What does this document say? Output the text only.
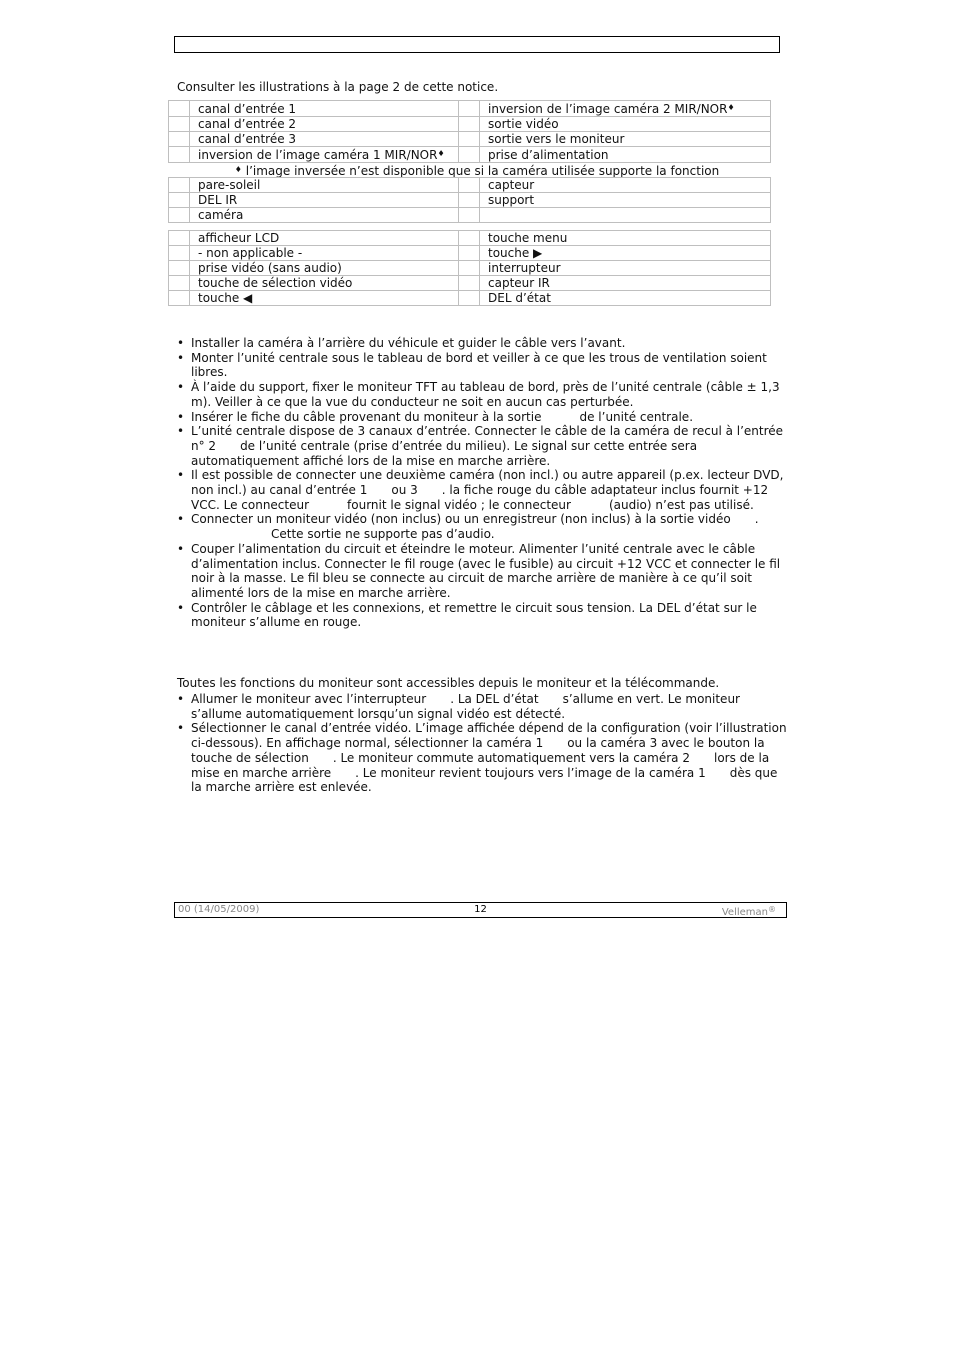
Consulter les illustrations à la page 2 de cette notice.
	canal d’entrée 1		inversion de l’image caméra 2 MIR/NOR♦
	canal d’entrée 2		sortie vidéo
	canal d’entrée 3		sortie vers le moniteur
	inversion de l’image caméra 1 MIR/NOR♦		prise d’alimentation
♦ l’image inversée n’est disponible que si la caméra utilisée supporte la fonction
	pare-soleil		capteur
	DEL IR		support
	caméra		
	afficheur LCD		touche menu
	- non applicable -		touche ▶
	prise vidéo (sans audio)		interrupteur
	touche de sélection vidéo		capteur IR
	touche ◀		DEL d’état
• Installer la caméra à l’arrière du véhicule et guider le câble vers l’avant.
• Monter l’unité centrale sous le tableau de bord et veiller à ce que les trous de ventilation soient libres.
• À l’aide du support, fixer le moniteur TFT au tableau de bord, près de l’unité centrale (câble ± 1,3 m). Veiller à ce que la vue du conducteur ne soit en aucun cas perturbée.
• Insérer le fiche du câble provenant du moniteur à la sortie	de l’unité centrale.
• L’unité centrale dispose de 3 canaux d’entrée. Connecter le câble de la caméra de recul à l’entrée n° 2 de l’unité centrale (prise d’entrée du milieu). Le signal sur cette entrée sera automatiquement affiché lors de la mise en marche arrière.
• Il est possible de connecter une deuxième caméra (non incl.) ou autre appareil (p.ex. lecteur DVD, non incl.) au canal d’entrée 1 ou 3 . la fiche rouge du câble adaptateur inclus fournit +12 VCC. Le connecteur	fournit le signal vidéo ; le connecteur	(audio) n’est pas utilisé.
• Connecter un moniteur vidéo (non inclus) ou un enregistreur (non inclus) à la sortie vidéo .
Cette sortie ne supporte pas d’audio.
• Couper l’alimentation du circuit et éteindre le moteur. Alimenter l’unité centrale avec le câble d’alimentation inclus. Connecter le fil rouge (avec le fusible) au circuit +12 VCC et connecter le fil noir à la masse. Le fil bleu se connecte au circuit de marche arrière de manière à ce qu’il soit alimenté lors de la mise en marche arrière.
• Contrôler le câblage et les connexions, et remettre le circuit sous tension. La DEL d’état sur le moniteur s’allume en rouge.
Toutes les fonctions du moniteur sont accessibles depuis le moniteur et la télécommande.
• Allumer le moniteur avec l’interrupteur . La DEL d’état s’allume en vert. Le moniteur s’allume automatiquement lorsqu’un signal vidéo est détecté.
• Sélectionner le canal d’entrée vidéo. L’image affichée dépend de la configuration (voir l’illustration ci-dessous). En affichage normal, sélectionner la caméra 1 ou la caméra 3 avec le bouton la touche de sélection . Le moniteur commute automatiquement vers la caméra 2 lors de la mise en marche arrière . Le moniteur revient toujours vers l’image de la caméra 1 dès que la marche arrière est enlevée.
00 (14/05/2009)	12	Velleman®
